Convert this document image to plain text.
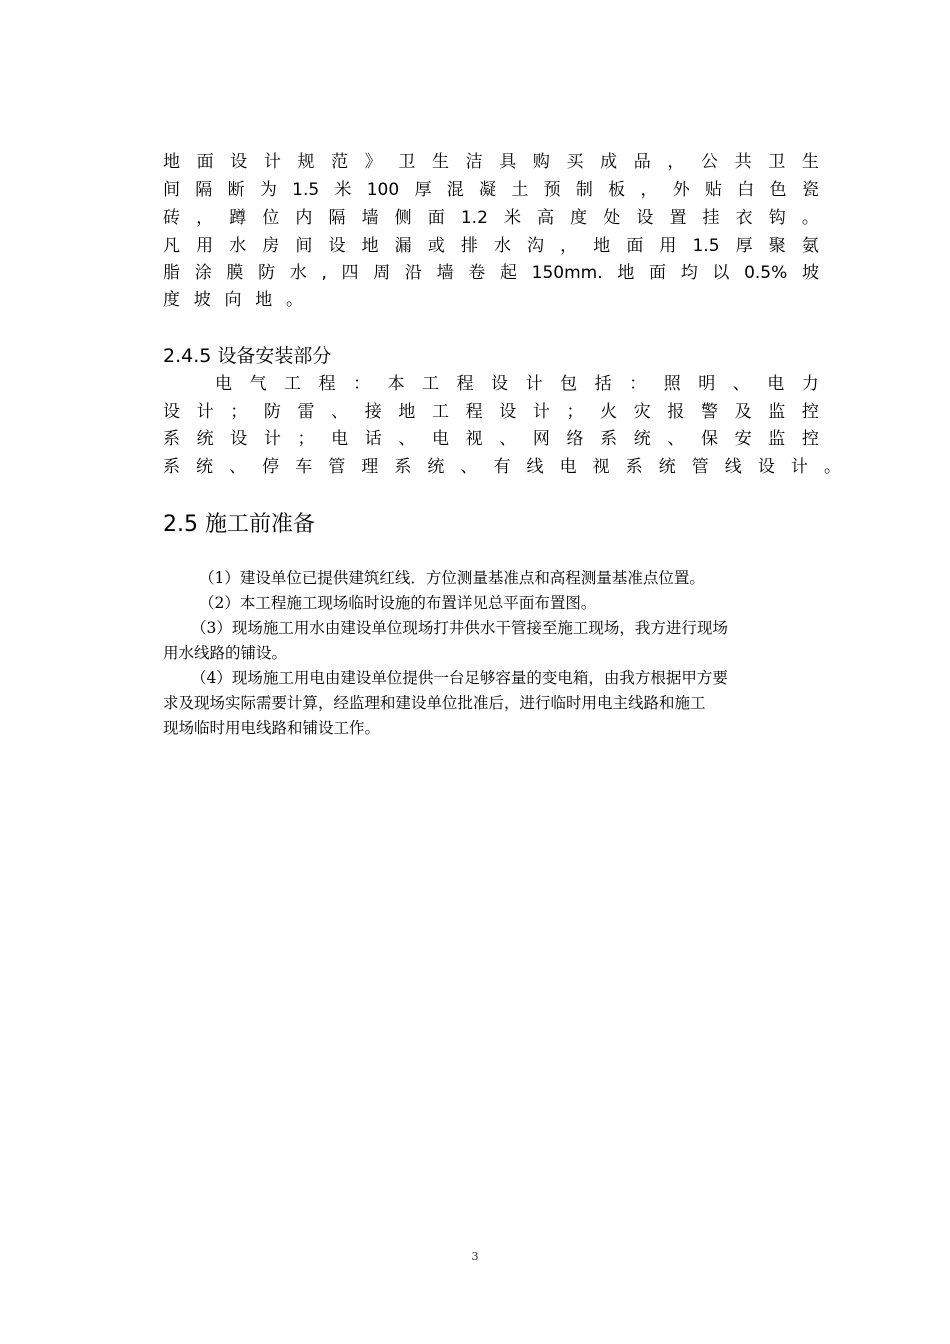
地 面 设 计 规 范 》 卫 生 洁 具 购 买 成 品 ， 公 共 卫 生
间 隔 断 为 1.5 米 100 厚 混 凝 土 预 制 板 ， 外 贴 白 色 瓷
砖 ， 蹲 位 内 隔 墙 侧 面 1.2 米 高 度 处 设 置 挂 衣 钩 。
凡 用 水 房 间 设 地 漏 或 排 水 沟 ， 地 面 用 1.5 厚 聚 氨
脂 涂 膜 防 水 , 四 周 沿 墙 卷 起 150mm. 地 面 均 以 0.5% 坡
度 坡 向 地 。
2.4.5 设备安装部分
电 气 工 程 ： 本 工 程 设 计 包 括 ： 照 明 、 电 力
设 计 ； 防 雷 、 接 地 工 程 设 计 ； 火 灾 报 警 及 监 控
系 统 设 计 ； 电 话 、 电 视 、 网 络 系 统 、 保 安 监 控
系 统 、 停 车 管 理 系 统 、 有 线 电 视 系 统 管 线 设 计 。
2.5 施工前准备
（1）建设单位已提供建筑红线．方位测量基准点和高程测量基准点位置。
（2）本工程施工现场临时设施的布置详见总平面布置图。
（3）现场施工用水由建设单位现场打井供水干管接至施工现场，我方进行现场
用水线路的铺设。
（4）现场施工用电由建设单位提供一台足够容量的变电箱，由我方根据甲方要
求及现场实际需要计算，经监理和建设单位批准后，进行临时用电主线路和施工
现场临时用电线路和铺设工作。
3
